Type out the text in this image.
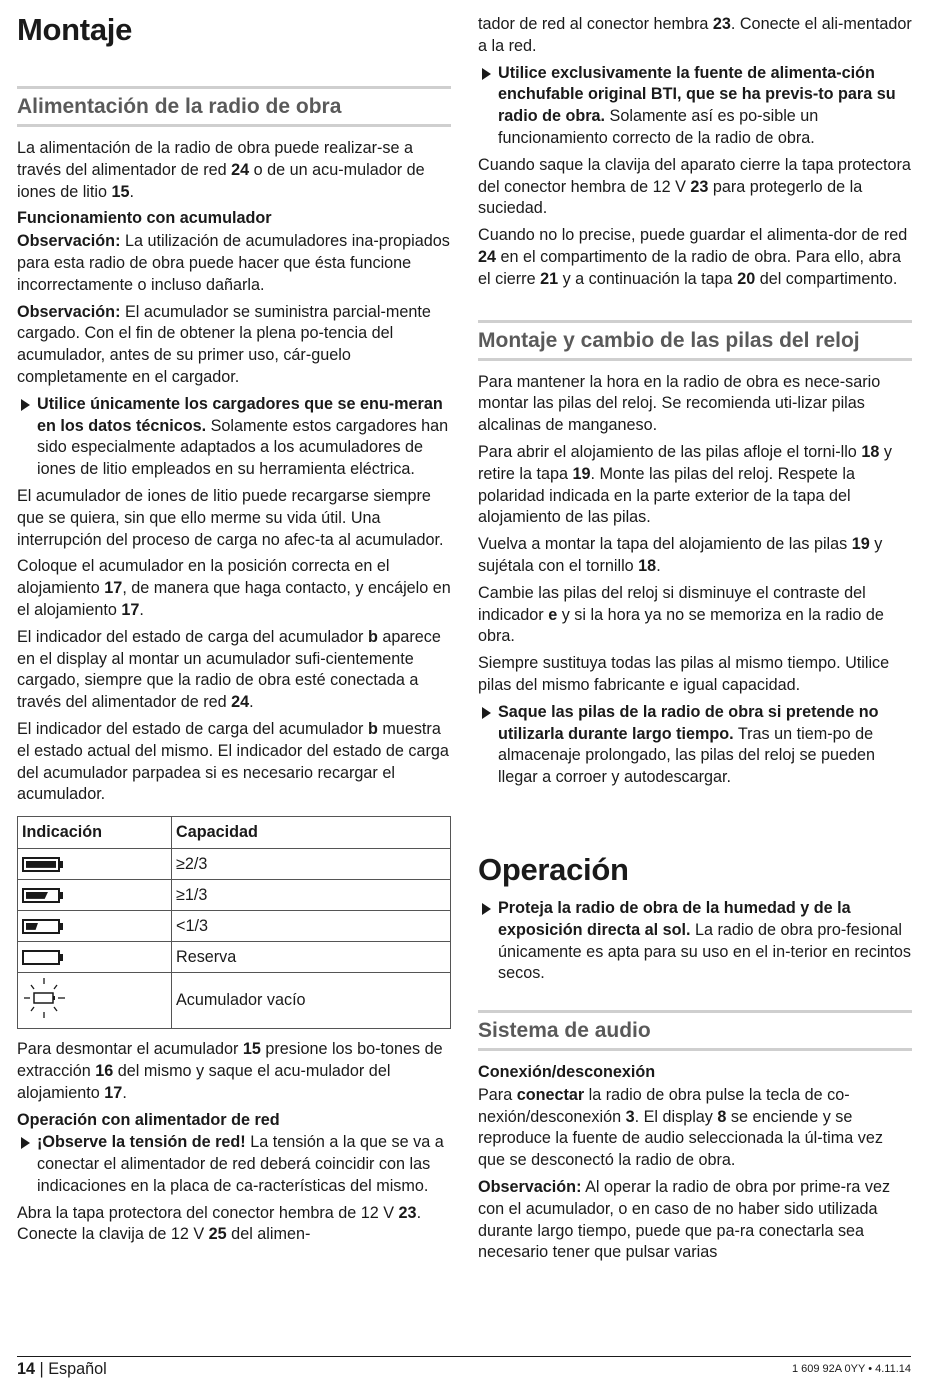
Montaje
Alimentación de la radio de obra

La alimentación de la radio de obra puede realizar-se a través del alimentador de red 24 o de un acu-mulador de iones de litio 15.

Funcionamiento con acumulador

Observación: La utilización de acumuladores ina-propiados para esta radio de obra puede hacer que ésta funcione incorrectamente o incluso dañarla.

Observación: El acumulador se suministra parcial-mente cargado. Con el fin de obtener la plena po-tencia del acumulador, antes de su primer uso, cár-guelo completamente en el cargador.

Utilice únicamente los cargadores que se enu-meran en los datos técnicos. Solamente estos cargadores han sido especialmente adaptados a los acumuladores de iones de litio empleados en su herramienta eléctrica.

El acumulador de iones de litio puede recargarse siempre que se quiera, sin que ello merme su vida útil. Una interrupción del proceso de carga no afec-ta al acumulador.

Coloque el acumulador en la posición correcta en el alojamiento 17, de manera que haga contacto, y encájelo en el alojamiento 17.

El indicador del estado de carga del acumulador b aparece en el display al montar un acumulador sufi-cientemente cargado, siempre que la radio de obra esté conectada a través del alimentador de red 24.

El indicador del estado de carga del acumulador b muestra el estado actual del mismo. El indicador del estado de carga del acumulador parpadea si es necesario recargar el acumulador.

Indicación	Capacidad

	≥2/3

	≥1/3

	<1/3
	Reserva
	Acumulador vacío

Para desmontar el acumulador 15 presione los bo-tones de extracción 16 del mismo y saque el acu-mulador del alojamiento 17.

Operación con alimentador de red

¡Observe la tensión de red! La tensión a la que se va a conectar el alimentador de red deberá coincidir con las indicaciones en la placa de ca-racterísticas del mismo.

Abra la tapa protectora del conector hembra de 12 V 23. Conecte la clavija de 12 V 25 del alimen-

tador de red al conector hembra 23. Conecte el ali-mentador a la red.

Utilice exclusivamente la fuente de alimenta-ción enchufable original BTI, que se ha previs-to para su radio de obra. Solamente así es po-sible un funcionamiento correcto de la radio de obra.

Cuando saque la clavija del aparato cierre la tapa protectora del conector hembra de 12 V 23 para protegerlo de la suciedad.

Cuando no lo precise, puede guardar el alimenta-dor de red 24 en el compartimento de la radio de obra. Para ello, abra el cierre 21 y a continuación la tapa 20 del compartimento.

Montaje y cambio de las pilas del reloj

Para mantener la hora en la radio de obra es nece-sario montar las pilas del reloj. Se recomienda uti-lizar pilas alcalinas de manganeso.

Para abrir el alojamiento de las pilas afloje el torni-llo 18 y retire la tapa 19. Monte las pilas del reloj. Respete la polaridad indicada en la parte exterior de la tapa del alojamiento de las pilas.

Vuelva a montar la tapa del alojamiento de las pilas 19 y sujétala con el tornillo 18.

Cambie las pilas del reloj si disminuye el contraste del indicador e y si la hora ya no se memoriza en la radio de obra.

Siempre sustituya todas las pilas al mismo tiempo. Utilice pilas del mismo fabricante e igual capacidad.

Saque las pilas de la radio de obra si pretende no utilizarla durante largo tiempo. Tras un tiem-po de almacenaje prolongado, las pilas del reloj se pueden llegar a corroer y autodescargar.

Operación

Proteja la radio de obra de la humedad y de la exposición directa al sol. La radio de obra pro-fesional únicamente es apta para su uso en el in-terior en recintos secos.

Sistema de audio
Conexión/desconexión

Para conectar la radio de obra pulse la tecla de co-nexión/desconexión 3. El display 8 se enciende y se reproduce la fuente de audio seleccionada la úl-tima vez que se desconectó la radio de obra.

Observación: Al operar la radio de obra por prime-ra vez con el acumulador, o en caso de no haber sido utilizada durante largo tiempo, puede que pa-ra conectarla sea necesario tener que pulsar varias

14 | Español	1 609 92A 0YY • 4.11.14
